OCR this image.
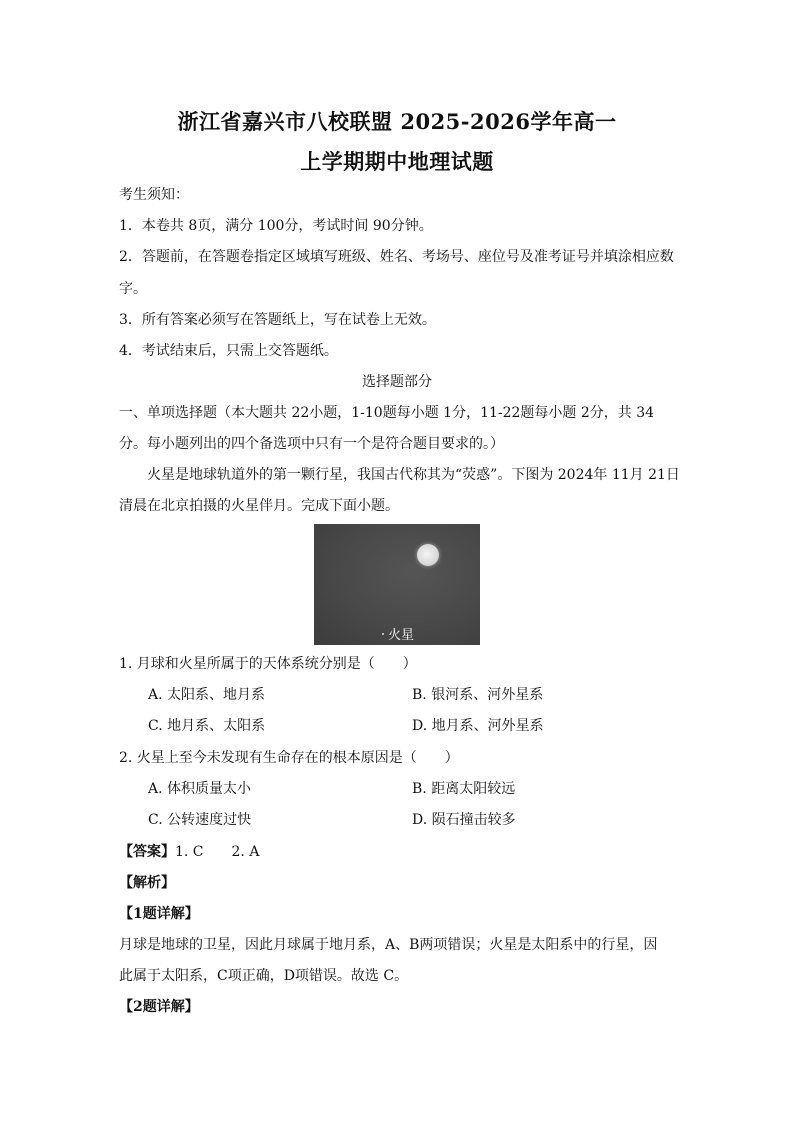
浙江省嘉兴市八校联盟 2025-2026学年高一
上学期期中地理试题
考生须知：
1．本卷共 8页，满分 100分，考试时间 90分钟。
2．答题前，在答题卷指定区域填写班级、姓名、考场号、座位号及准考证号并填涂相应数
字。
3．所有答案必须写在答题纸上，写在试卷上无效。
4．考试结束后，只需上交答题纸。
选择题部分
一、单项选择题（本大题共 22小题，1-10题每小题 1分，11-22题每小题 2分，共 34
分。每小题列出的四个备选项中只有一个是符合题目要求的。）
火星是地球轨道外的第一颗行星，我国古代称其为“荧惑”。下图为 2024年 11月 21日
清晨在北京拍摄的火星伴月。完成下面小题。
火星
1. 月球和火星所属于的天体系统分别是（　　）
A. 太阳系、地月系	B. 银河系、河外星系
C. 地月系、太阳系	D. 地月系、河外星系
2. 火星上至今未发现有生命存在的根本原因是（　　）
A. 体积质量太小	B. 距离太阳较远
C. 公转速度过快	D. 陨石撞击较多
【答案】1. C　　2. A
【解析】
【1题详解】
月球是地球的卫星，因此月球属于地月系，A、B两项错误；火星是太阳系中的行星，因
此属于太阳系，C项正确，D项错误。故选 C。
【2题详解】
